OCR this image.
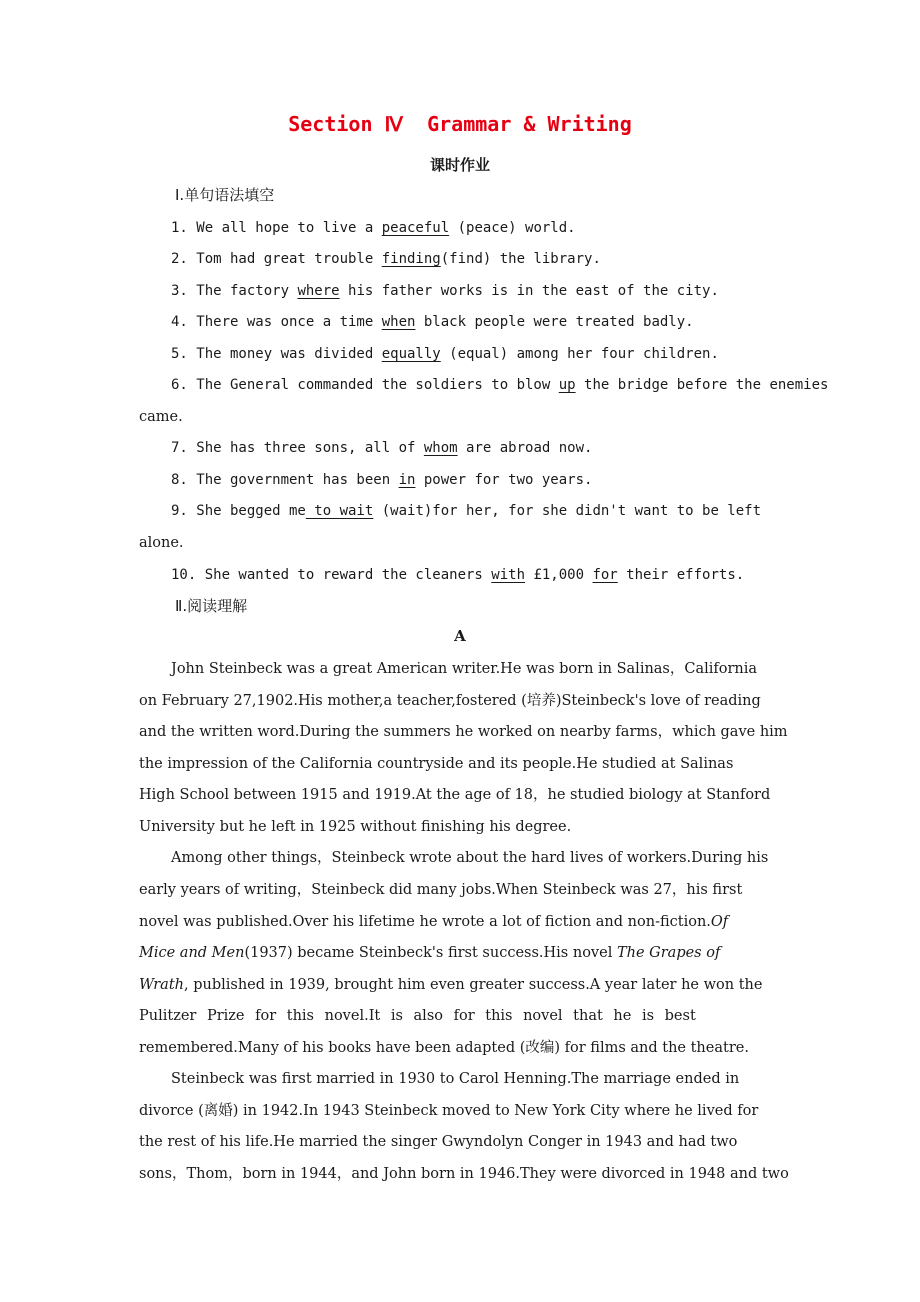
Section Ⅳ  Grammar & Writing
课时作业
Ⅰ.单句语法填空
1. We all hope to live a peaceful (peace) world.
2. Tom had great trouble finding(find) the library.
3. The factory where his father works is in the east of the city.
4. There was once a time when black people were treated badly.
5. The money was divided equally (equal) among her four children.
6. The General commanded the soldiers to blow up the bridge before the enemies
came.
7. She has three sons, all of whom are abroad now.
8. The government has been in power for two years.
9. She begged me to wait (wait)for her, for she didn't want to be left
alone.
10. She wanted to reward the cleaners with £1,000 for their efforts.
Ⅱ.阅读理解
A
John Steinbeck was a great American writer.He was born in Salinas，California
on February 27,1902.His mother,a teacher,fostered (培养)Steinbeck's love of reading
and the written word.During the summers he worked on nearby farms，which gave him
the impression of the California countryside and its people.He studied at Salinas
High School between 1915 and 1919.At the age of 18，he studied biology at Stanford
University but he left in 1925 without finishing his degree.
Among other things，Steinbeck wrote about the hard lives of workers.During his
early years of writing，Steinbeck did many jobs.When Steinbeck was 27，his first
novel was published.Over his lifetime he wrote a lot of fiction and non-fiction.Of
Mice and Men(1937) became Steinbeck's first success.His novel The Grapes of
Wrath, published in 1939, brought him even greater success.A year later he won the
Pulitzer Prize for this novel.It is also for this novel that he is best
remembered.Many of his books have been adapted (改编) for films and the theatre.
Steinbeck was first married in 1930 to Carol Henning.The marriage ended in
divorce (离婚) in 1942.In 1943 Steinbeck moved to New York City where he lived for
the rest of his life.He married the singer Gwyndolyn Conger in 1943 and had two
sons，Thom，born in 1944，and John born in 1946.They were divorced in 1948 and two
